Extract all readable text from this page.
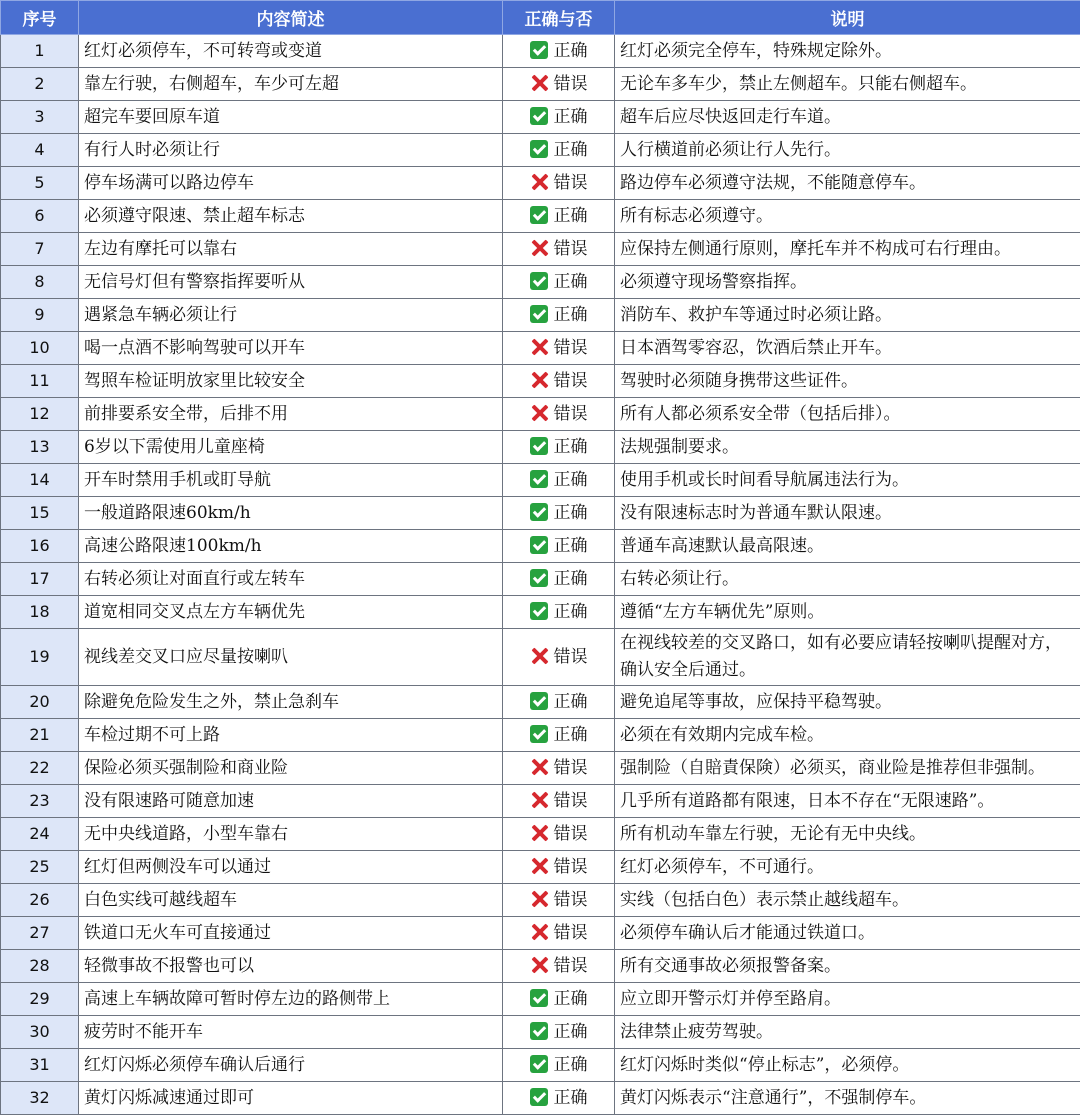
序号	内容简述	正确与否	说明
1	红灯必须停车，不可转弯或变道	正确	红灯必须完全停车，特殊规定除外。
2	靠左行驶，右侧超车，车少可左超	错误	无论车多车少，禁止左侧超车。只能右侧超车。
3	超完车要回原车道	正确	超车后应尽快返回走行车道。
4	有行人时必须让行	正确	人行横道前必须让行人先行。
5	停车场满可以路边停车	错误	路边停车必须遵守法规，不能随意停车。
6	必须遵守限速、禁止超车标志	正确	所有标志必须遵守。
7	左边有摩托可以靠右	错误	应保持左侧通行原则，摩托车并不构成可右行理由。
8	无信号灯但有警察指挥要听从	正确	必须遵守现场警察指挥。
9	遇紧急车辆必须让行	正确	消防车、救护车等通过时必须让路。
10	喝一点酒不影响驾驶可以开车	错误	日本酒驾零容忍，饮酒后禁止开车。
11	驾照车检证明放家里比较安全	错误	驾驶时必须随身携带这些证件。
12	前排要系安全带，后排不用	错误	所有人都必须系安全带（包括后排）。
13	6岁以下需使用儿童座椅	正确	法规强制要求。
14	开车时禁用手机或盯导航	正确	使用手机或长时间看导航属违法行为。
15	一般道路限速60km/h	正确	没有限速标志时为普通车默认限速。
16	高速公路限速100km/h	正确	普通车高速默认最高限速。
17	右转必须让对面直行或左转车	正确	右转必须让行。
18	道宽相同交叉点左方车辆优先	正确	遵循“左方车辆优先”原则。
19	视线差交叉口应尽量按喇叭	错误	在视线较差的交叉路口，如有必要应请轻按喇叭提醒对方，确认安全后通过。
20	除避免危险发生之外，禁止急刹车	正确	避免追尾等事故，应保持平稳驾驶。
21	车检过期不可上路	正确	必须在有效期内完成车检。
22	保险必须买强制险和商业险	错误	强制险（自賠責保険）必须买，商业险是推荐但非强制。
23	没有限速路可随意加速	错误	几乎所有道路都有限速，日本不存在“无限速路”。
24	无中央线道路，小型车靠右	错误	所有机动车靠左行驶，无论有无中央线。
25	红灯但两侧没车可以通过	错误	红灯必须停车，不可通行。
26	白色实线可越线超车	错误	实线（包括白色）表示禁止越线超车。
27	铁道口无火车可直接通过	错误	必须停车确认后才能通过铁道口。
28	轻微事故不报警也可以	错误	所有交通事故必须报警备案。
29	高速上车辆故障可暂时停左边的路侧带上	正确	应立即开警示灯并停至路肩。
30	疲劳时不能开车	正确	法律禁止疲劳驾驶。
31	红灯闪烁必须停车确认后通行	正确	红灯闪烁时类似“停止标志”，必须停。
32	黄灯闪烁减速通过即可	正确	黄灯闪烁表示“注意通行”，不强制停车。
